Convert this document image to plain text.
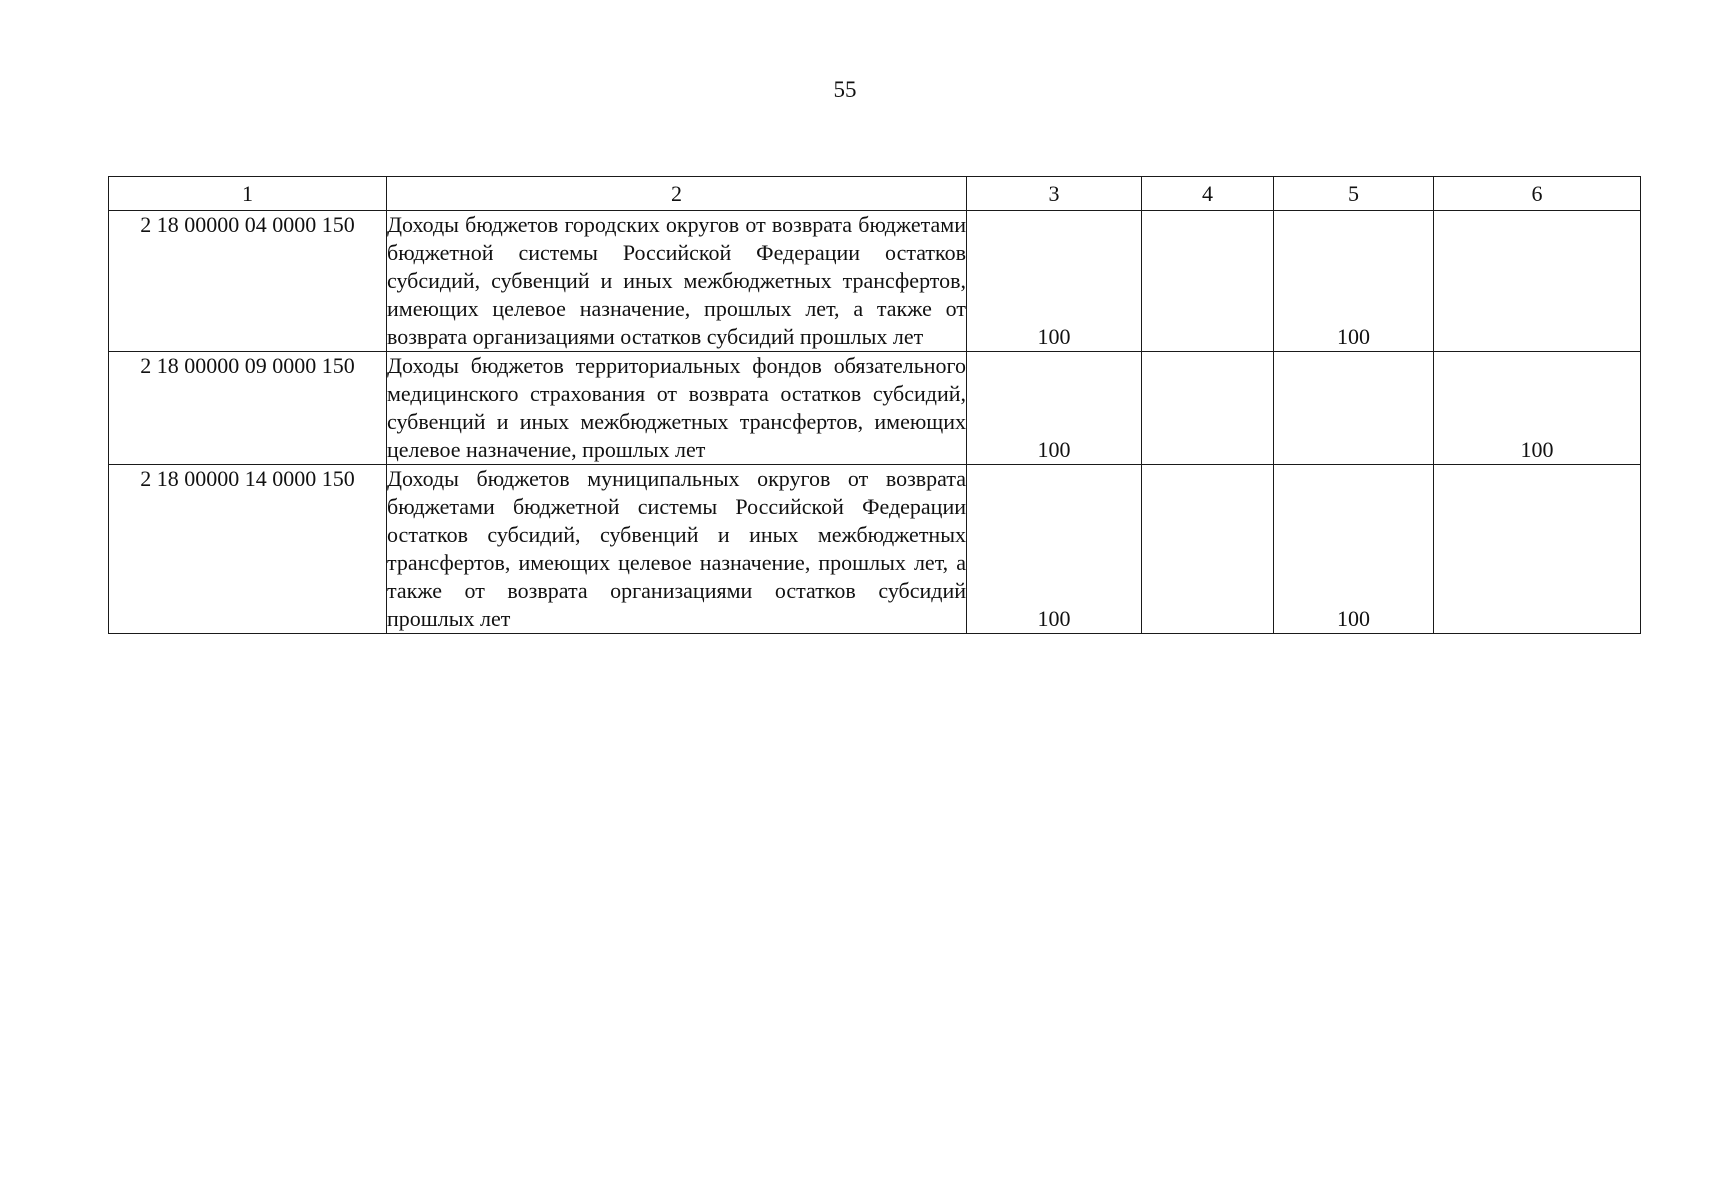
55
1	2	3	4	5	6
2 18 00000 04 0000 150	Доходы бюджетов городских округов от возврата бюджетами бюджетной системы Российской Федерации остатков субсидий, субвенций и иных межбюджетных трансфертов, имеющих целевое назначение, прошлых лет, а также от возврата организациями остатков субсидий прошлых лет	100		100	
2 18 00000 09 0000 150	Доходы бюджетов территориальных фондов обязательного медицинского страхования от возврата остатков субсидий, субвенций и иных межбюджетных трансфертов, имеющих целевое назначение, прошлых лет	100			100
2 18 00000 14 0000 150	Доходы бюджетов муниципальных округов от возврата бюджетами бюджетной системы Российской Федерации остатков субсидий, субвенций и иных межбюджетных трансфертов, имеющих целевое назначение, прошлых лет, а также от возврата организациями остатков субсидий прошлых лет	100		100	
